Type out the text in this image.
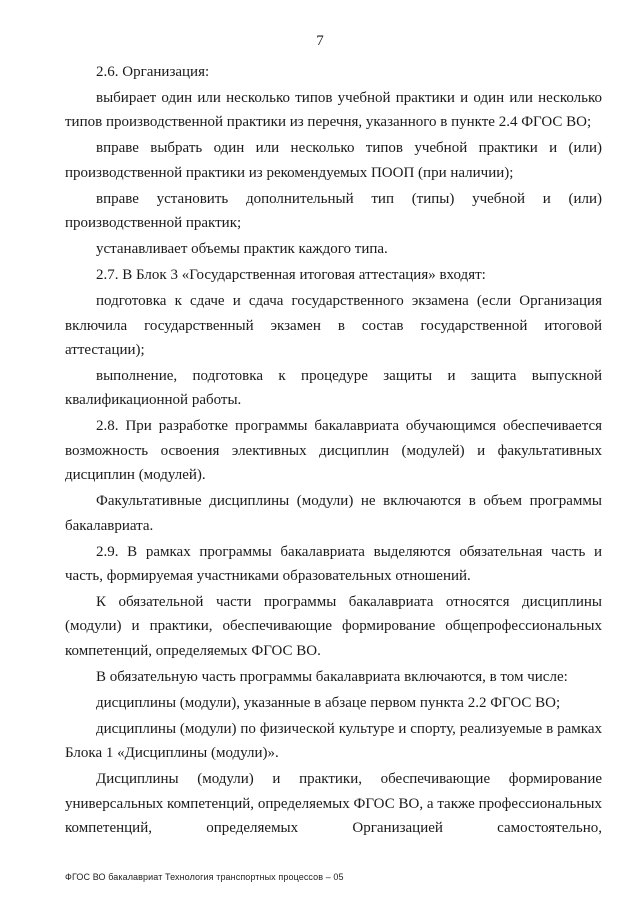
7

2.6. Организация:

выбирает один или несколько типов учебной практики и один или несколько типов производственной практики из перечня, указанного в пункте 2.4 ФГОС ВО;

вправе выбрать один или несколько типов учебной практики и (или) производственной практики из рекомендуемых ПООП (при наличии);

вправе установить дополнительный тип (типы) учебной и (или) производственной практик;

устанавливает объемы практик каждого типа.

2.7. В Блок 3 «Государственная итоговая аттестация» входят:

подготовка к сдаче и сдача государственного экзамена (если Организация включила государственный экзамен в состав государственной итоговой аттестации);

выполнение, подготовка к процедуре защиты и защита выпускной квалификационной работы.

2.8. При разработке программы бакалавриата обучающимся обеспечивается возможность освоения элективных дисциплин (модулей) и факультативных дисциплин (модулей).

Факультативные дисциплины (модули) не включаются в объем программы бакалавриата.

2.9. В рамках программы бакалавриата выделяются обязательная часть и часть, формируемая участниками образовательных отношений.

К обязательной части программы бакалавриата относятся дисциплины (модули) и практики, обеспечивающие формирование общепрофессиональных компетенций, определяемых ФГОС ВО.

В обязательную часть программы бакалавриата включаются, в том числе:

дисциплины (модули), указанные в абзаце первом пункта 2.2 ФГОС ВО;

дисциплины (модули) по физической культуре и спорту, реализуемые в рамках Блока 1 «Дисциплины (модули)».

Дисциплины (модули) и практики, обеспечивающие формирование универсальных компетенций, определяемых ФГОС ВО, а также профессиональных компетенций, определяемых Организацией самостоятельно,

ФГОС ВО бакалавриат Технология транспортных процессов – 05
